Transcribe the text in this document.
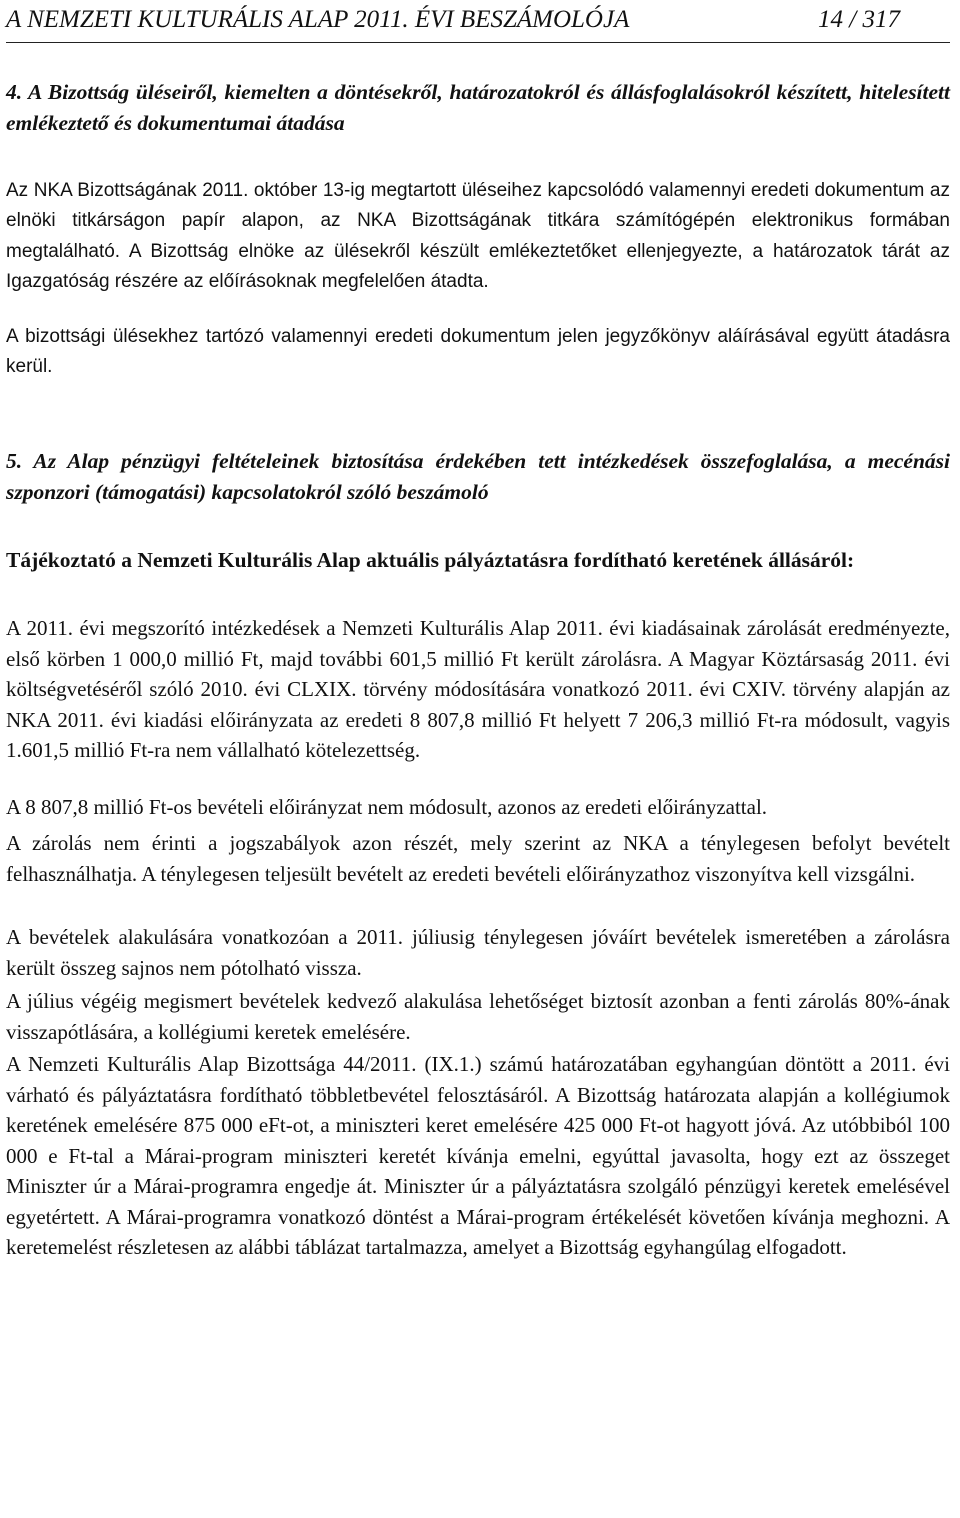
A NEMZETI KULTURÁLIS ALAP 2011. ÉVI BESZÁMOLÓJA	14 / 317

4. A Bizottság üléseiről, kiemelten a döntésekről, határozatokról és állásfoglalásokról készített, hitelesített emlékeztető és dokumentumai átadása

Az NKA Bizottságának 2011. október 13-ig megtartott üléseihez kapcsolódó valamennyi eredeti dokumentum az elnöki titkárságon papír alapon, az NKA Bizottságának titkára számítógépén elektronikus formában megtalálható. A Bizottság elnöke az ülésekről készült emlékeztetőket ellenjegyezte, a határozatok tárát az Igazgatóság részére az előírásoknak megfelelően átadta.

A bizottsági ülésekhez tartózó valamennyi eredeti dokumentum jelen jegyzőkönyv aláírásával együtt átadásra kerül.

5. Az Alap pénzügyi feltételeinek biztosítása érdekében tett intézkedések összefoglalása, a mecénási szponzori (támogatási) kapcsolatokról szóló beszámoló

Tájékoztató a Nemzeti Kulturális Alap aktuális pályáztatásra fordítható keretének állásáról:

A 2011. évi megszorító intézkedések a Nemzeti Kulturális Alap 2011. évi kiadásainak zárolását eredményezte, első körben 1 000,0 millió Ft, majd további 601,5 millió Ft került zárolásra. A Magyar Köztársaság 2011. évi költségvetéséről szóló 2010. évi CLXIX. törvény módosítására vonatkozó 2011. évi CXIV. törvény alapján az NKA 2011. évi kiadási előirányzata az eredeti 8 807,8 millió Ft helyett 7 206,3 millió Ft-ra módosult, vagyis 1.601,5 millió Ft-ra nem vállalható kötelezettség.

A 8 807,8 millió Ft-os bevételi előirányzat nem módosult, azonos az eredeti előirányzattal.

A zárolás nem érinti a jogszabályok azon részét, mely szerint az NKA a ténylegesen befolyt bevételt felhasználhatja. A ténylegesen teljesült bevételt az eredeti bevételi előirányzathoz viszonyítva kell vizsgálni.

A bevételek alakulására vonatkozóan a 2011. júliusig ténylegesen jóváírt bevételek ismeretében a zárolásra került összeg sajnos nem pótolható vissza.

A július végéig megismert bevételek kedvező alakulása lehetőséget biztosít azonban a fenti zárolás 80%-ának visszapótlására, a kollégiumi keretek emelésére.

A Nemzeti Kulturális Alap Bizottsága 44/2011. (IX.1.) számú határozatában egyhangúan döntött a 2011. évi várható és pályáztatásra fordítható többletbevétel felosztásáról. A Bizottság határozata alapján a kollégiumok keretének emelésére 875 000 eFt-ot, a miniszteri keret emelésére 425 000 Ft-ot hagyott jóvá. Az utóbbiból 100 000 e Ft-tal a Márai-program miniszteri keretét kívánja emelni, egyúttal javasolta, hogy ezt az összeget Miniszter úr a Márai-programra engedje át. Miniszter úr a pályáztatásra szolgáló pénzügyi keretek emelésével egyetértett. A Márai-programra vonatkozó döntést a Márai-program értékelését követően kívánja meghozni. A keretemelést részletesen az alábbi táblázat tartalmazza, amelyet a Bizottság egyhangúlag elfogadott.
